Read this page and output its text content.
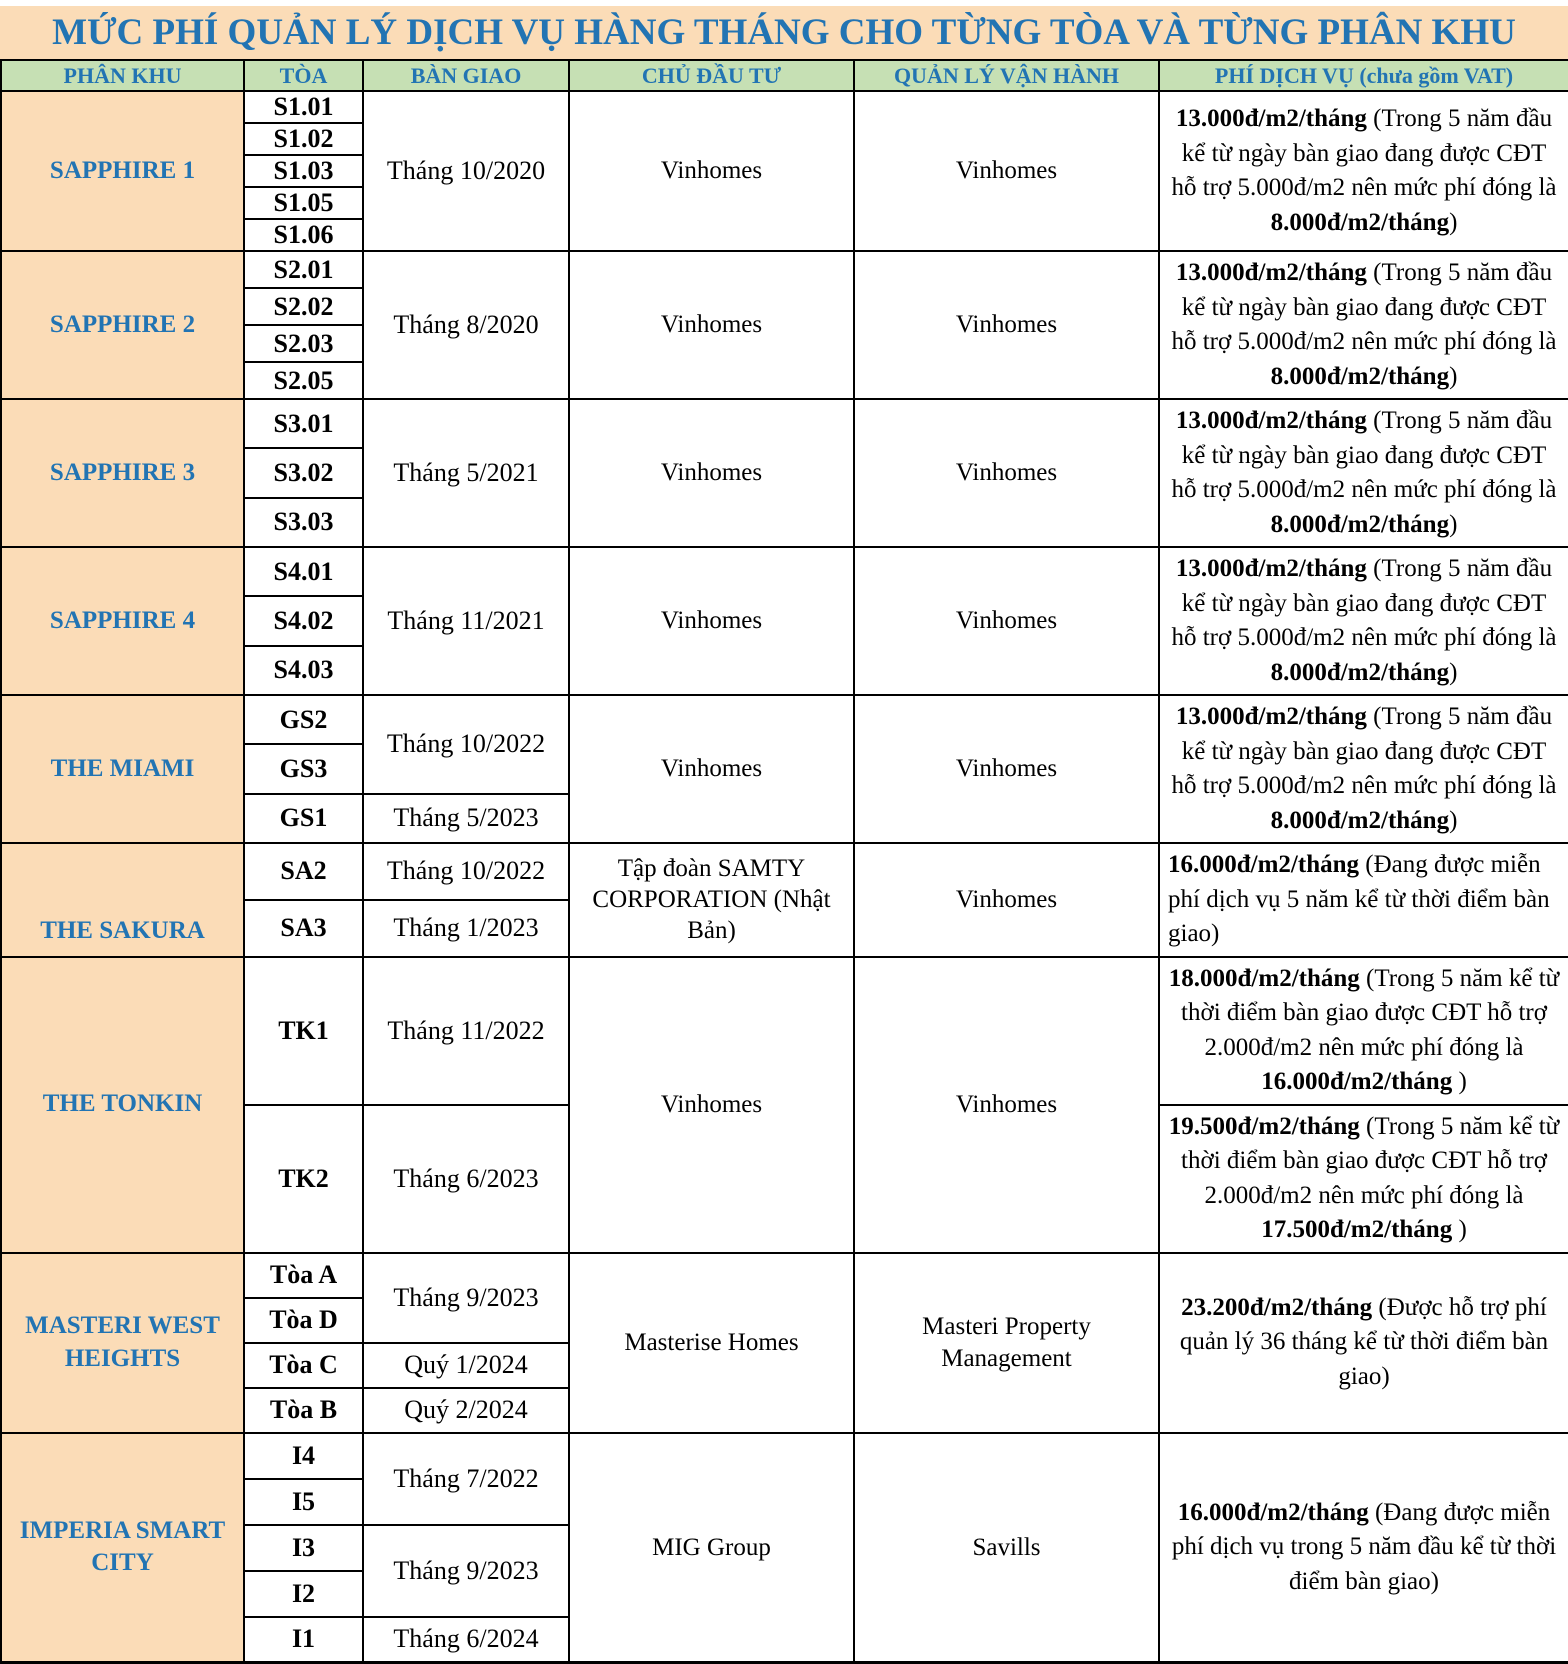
MỨC PHÍ QUẢN LÝ DỊCH VỤ HÀNG THÁNG CHO TỪNG TÒA VÀ TỪNG PHÂN KHU
PHÂN KHU	TÒA	BÀN GIAO	CHỦ ĐẦU TƯ	QUẢN LÝ VẬN HÀNH	PHÍ DỊCH VỤ (chưa gồm VAT)
SAPPHIRE 1	S1.01	Tháng 10/2020	Vinhomes	Vinhomes	13.000đ/m2/tháng (Trong 5 năm đầu kể từ ngày bàn giao đang được CĐT hỗ trợ 5.000đ/m2 nên mức phí đóng là 8.000đ/m2/tháng)
	S1.02				
	S1.03				
	S1.05				
	S1.06				
SAPPHIRE 2	S2.01	Tháng 8/2020	Vinhomes	Vinhomes	13.000đ/m2/tháng (Trong 5 năm đầu kể từ ngày bàn giao đang được CĐT hỗ trợ 5.000đ/m2 nên mức phí đóng là 8.000đ/m2/tháng)
	S2.02				
	S2.03				
	S2.05				
SAPPHIRE 3	S3.01	Tháng 5/2021	Vinhomes	Vinhomes	13.000đ/m2/tháng (Trong 5 năm đầu kể từ ngày bàn giao đang được CĐT hỗ trợ 5.000đ/m2 nên mức phí đóng là 8.000đ/m2/tháng)
	S3.02				
	S3.03				
SAPPHIRE 4	S4.01	Tháng 11/2021	Vinhomes	Vinhomes	13.000đ/m2/tháng (Trong 5 năm đầu kể từ ngày bàn giao đang được CĐT hỗ trợ 5.000đ/m2 nên mức phí đóng là 8.000đ/m2/tháng)
	S4.02				
	S4.03				
THE MIAMI	GS2	Tháng 10/2022	Vinhomes	Vinhomes	13.000đ/m2/tháng (Trong 5 năm đầu kể từ ngày bàn giao đang được CĐT hỗ trợ 5.000đ/m2 nên mức phí đóng là 8.000đ/m2/tháng)
	GS3				
	GS1	Tháng 5/2023			
THE SAKURA	SA2	Tháng 10/2022	Tập đoàn SAMTY CORPORATION (Nhật Bản)	Vinhomes	16.000đ/m2/tháng (Đang được miễn phí dịch vụ 5 năm kể từ thời điểm bàn giao)
	SA3	Tháng 1/2023			
THE TONKIN	TK1	Tháng 11/2022	Vinhomes	Vinhomes	18.000đ/m2/tháng (Trong 5 năm kể từ thời điểm bàn giao được CĐT hỗ trợ 2.000đ/m2 nên mức phí đóng là 16.000đ/m2/tháng )
	TK2	Tháng 6/2023			19.500đ/m2/tháng (Trong 5 năm kể từ thời điểm bàn giao được CĐT hỗ trợ 2.000đ/m2 nên mức phí đóng là 17.500đ/m2/tháng )
MASTERI WEST HEIGHTS	Tòa A	Tháng 9/2023	Masterise Homes	Masteri Property Management	23.200đ/m2/tháng (Được hỗ trợ phí quản lý 36 tháng kể từ thời điểm bàn giao)
	Tòa D				
	Tòa C	Quý 1/2024			
	Tòa B	Quý 2/2024			
IMPERIA SMART CITY	I4	Tháng 7/2022	MIG Group	Savills	16.000đ/m2/tháng (Đang được miễn phí dịch vụ trong 5 năm đầu kể từ thời điểm bàn giao)
	I5				
	I3	Tháng 9/2023			
	I2				
	I1	Tháng 6/2024			
